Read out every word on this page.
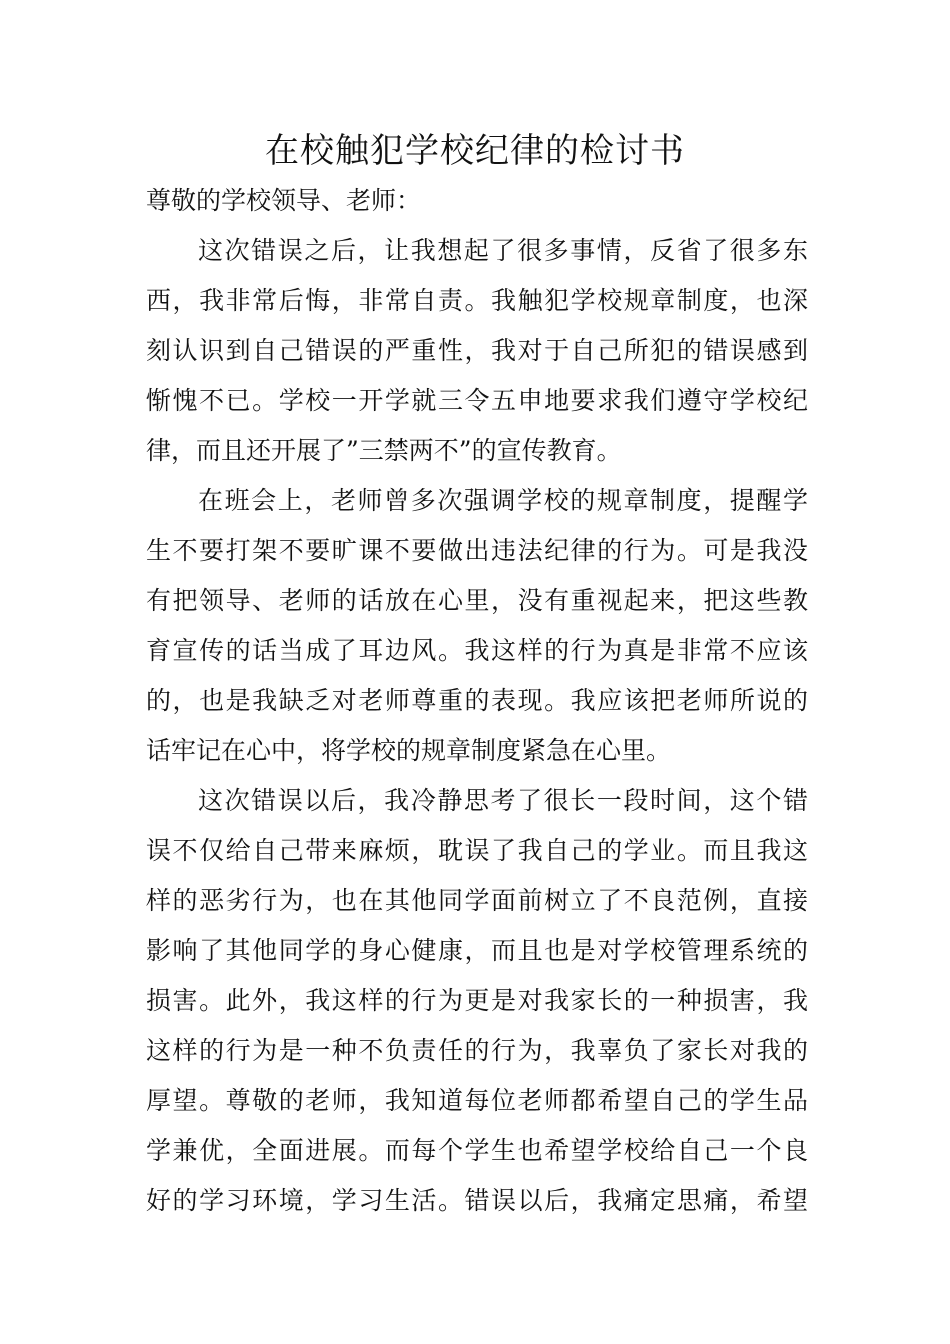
在校触犯学校纪律的检讨书
尊敬的学校领导、老师：
这次错误之后，让我想起了很多事情，反省了很多东
西，我非常后悔，非常自责。我触犯学校规章制度，也深
刻认识到自己错误的严重性，我对于自己所犯的错误感到
惭愧不已。学校一开学就三令五申地要求我们遵守学校纪
律，而且还开展了”三禁两不”的宣传教育。
在班会上，老师曾多次强调学校的规章制度，提醒学
生不要打架不要旷课不要做出违法纪律的行为。可是我没
有把领导、老师的话放在心里，没有重视起来，把这些教
育宣传的话当成了耳边风。我这样的行为真是非常不应该
的，也是我缺乏对老师尊重的表现。我应该把老师所说的
话牢记在心中，将学校的规章制度紧急在心里。
这次错误以后，我冷静思考了很长一段时间，这个错
误不仅给自己带来麻烦，耽误了我自己的学业。而且我这
样的恶劣行为，也在其他同学面前树立了不良范例，直接
影响了其他同学的身心健康，而且也是对学校管理系统的
损害。此外，我这样的行为更是对我家长的一种损害，我
这样的行为是一种不负责任的行为，我辜负了家长对我的
厚望。尊敬的老师，我知道每位老师都希望自己的学生品
学兼优，全面进展。而每个学生也希望学校给自己一个良
好的学习环境，学习生活。错误以后，我痛定思痛，希望
